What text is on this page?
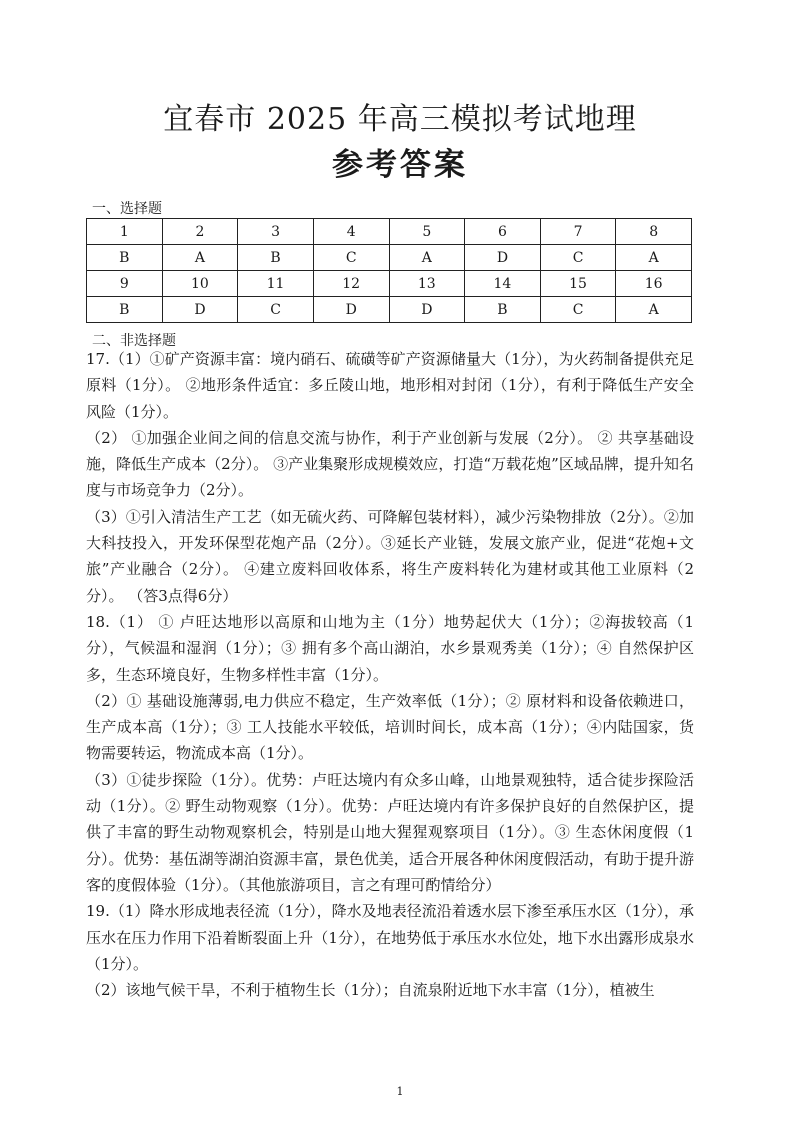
宜春市 2025 年高三模拟考试地理
参考答案
一、选择题
1	2	3	4	5	6	7	8
B	A	B	C	A	D	C	A
9	10	11	12	13	14	15	16
B	D	C	D	D	B	C	A
二、非选择题

17.（1）①矿产资源丰富：境内硝石、硫磺等矿产资源储量大（1分），为火药制备提供充足原料（1分）。 ②地形条件适宜：多丘陵山地，地形相对封闭（1分），有利于降低生产安全风险（1分）。

（2） ①加强企业间之间的信息交流与协作，利于产业创新与发展（2分）。 ② 共享基础设施，降低生产成本（2分）。 ③产业集聚形成规模效应，打造“万载花炮”区域品牌，提升知名度与市场竞争力（2分）。

（3）①引入清洁生产工艺（如无硫火药、可降解包装材料），减少污染物排放（2分）。②加大科技投入，开发环保型花炮产品（2分）。③延长产业链，发展文旅产业，促进“花炮+文旅”产业融合（2分）。 ④建立废料回收体系，将生产废料转化为建材或其他工业原料（2分）。 （答3点得6分）

18.（1） ① 卢旺达地形以高原和山地为主（1分）地势起伏大（1分）；②海拔较高（1分），气候温和湿润（1分）；③ 拥有多个高山湖泊，水乡景观秀美（1分）；④ 自然保护区多，生态环境良好，生物多样性丰富（1分）。

（2）① 基础设施薄弱,电力供应不稳定，生产效率低（1分）；② 原材料和设备依赖进口，生产成本高（1分）；③ 工人技能水平较低，培训时间长，成本高（1分）；④内陆国家，货物需要转运，物流成本高（1分）。

（3）①徒步探险（1分）。优势：卢旺达境内有众多山峰，山地景观独特，适合徒步探险活动（1分）。② 野生动物观察（1分）。优势：卢旺达境内有许多保护良好的自然保护区，提供了丰富的野生动物观察机会，特别是山地大猩猩观察项目（1分）。③ 生态休闲度假（1分）。优势：基伍湖等湖泊资源丰富，景色优美，适合开展各种休闲度假活动，有助于提升游客的度假体验（1分）。（其他旅游项目，言之有理可酌情给分）

19.（1）降水形成地表径流（1分），降水及地表径流沿着透水层下渗至承压水区（1分），承压水在压力作用下沿着断裂面上升（1分），在地势低于承压水水位处，地下水出露形成泉水（1分）。

（2）该地气候干旱，不利于植物生长（1分）；自流泉附近地下水丰富（1分），植被生

1
